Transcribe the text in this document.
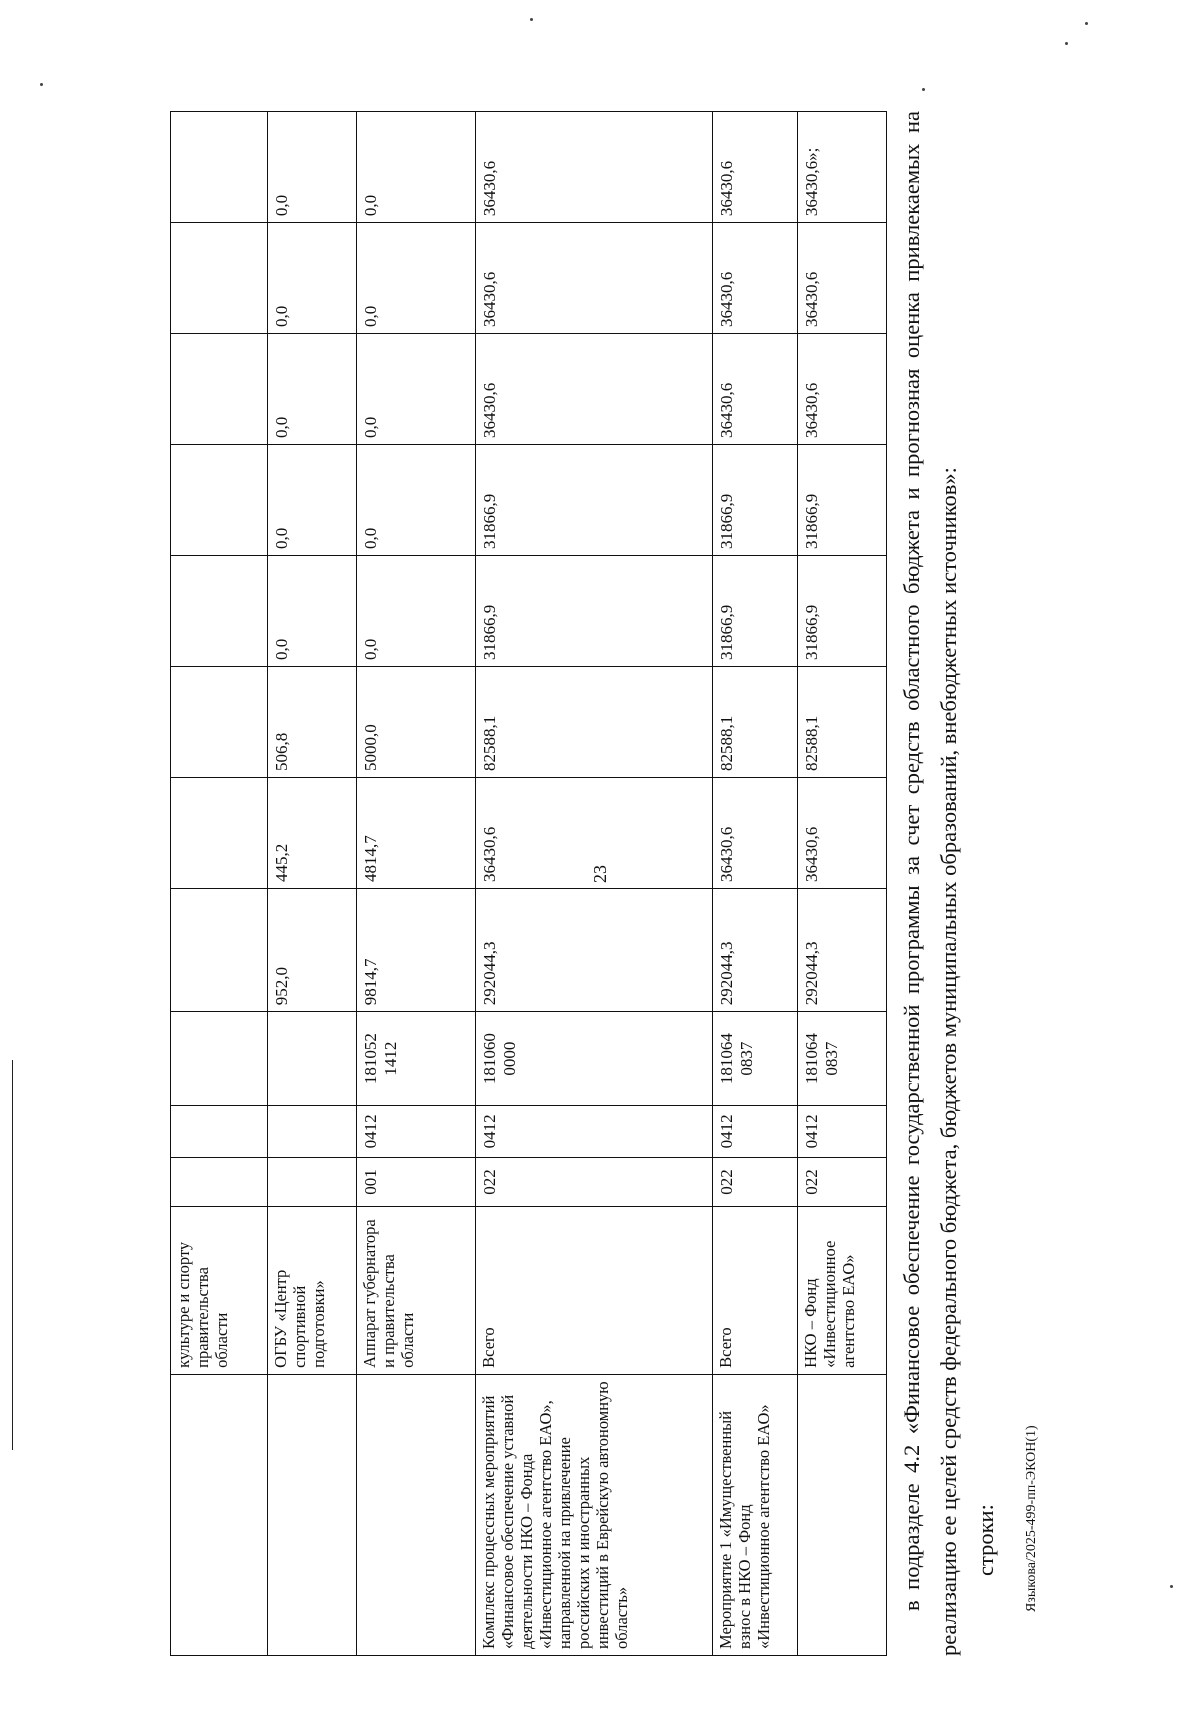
23
	культуре и спорту правительства области											
	ОГБУ «Центр спортивной подготовки»				952,0	445,2	506,8	0,0	0,0	0,0	0,0	0,0
	Аппарат губернатора и правительства области	001	0412	181052 1412	9814,7	4814,7	5000,0	0,0	0,0	0,0	0,0	0,0
Комплекс процессных мероприятий «Финансовое обеспечение уставной деятельности НКО – Фонда «Инвестиционное агентство ЕАО», направленной на привлечение российских и иностранных инвестиций в Еврейскую автономную область»	Всего	022	0412	181060 0000	292044,3	36430,6	82588,1	31866,9	31866,9	36430,6	36430,6	36430,6
Мероприятие 1 «Имущественный взнос в НКО – Фонд «Инвестиционное агентство ЕАО»	Всего	022	0412	181064 0837	292044,3	36430,6	82588,1	31866,9	31866,9	36430,6	36430,6	36430,6
	НКО – Фонд «Инвестиционное агентство ЕАО»	022	0412	181064 0837	292044,3	36430,6	82588,1	31866,9	31866,9	36430,6	36430,6	36430,6»;	в подразделе 4.2 «Финансовое обеспечение государственной программы за счет средств областного бюджета и прогнозная оценка привлекаемых на реализацию ее целей средств федерального бюджета, бюджетов муниципальных образований, внебюджетных источников»: строки:	Языкова/2025-499-пп-ЭКОН(1)
